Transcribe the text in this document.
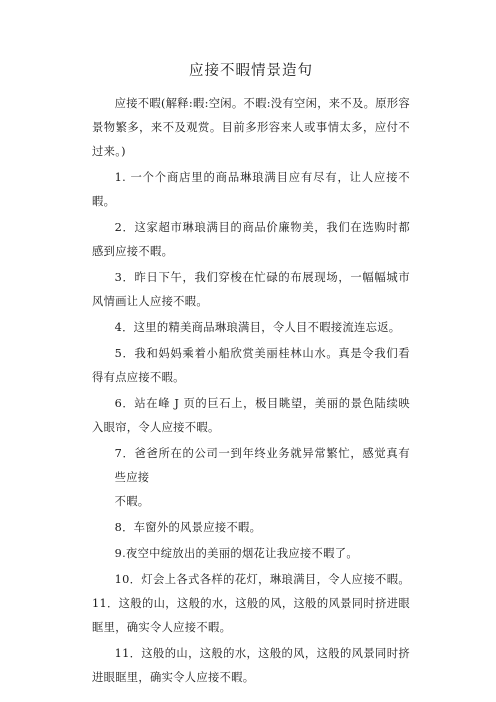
应接不暇情景造句

应接不暇(解释:暇:空闲。不暇:没有空闲，来不及。原形容景物繁多，来不及观赏。目前多形容来人或事情太多，应付不过来。)

1. 一个个商店里的商品琳琅满目应有尽有，让人应接不暇。

2．这家超市琳琅满目的商品价廉物美，我们在选购时都感到应接不暇。

3．昨日下午，我们穿梭在忙碌的布展现场，一幅幅城市风情画让人应接不暇。

4．这里的精美商品琳琅满目，令人目不暇接流连忘返。

5．我和妈妈乘着小船欣赏美丽桂林山水。真是令我们看得有点应接不暇。

6．站在峰 J 页的巨石上，极目眺望，美丽的景色陆续映入眼帘，令人应接不暇。

7．爸爸所在的公司一到年终业务就异常繁忙，感觉真有些应接
不暇。

8．车窗外的风景应接不暇。

9.夜空中绽放出的美丽的烟花让我应接不暇了。

10．灯会上各式各样的花灯，琳琅满目，令人应接不暇。11．这般的山，这般的水，这般的风，这般的风景同时挤进眼眶里，确实令人应接不暇。

11．这般的山，这般的水，这般的风，这般的风景同时挤进眼眶里，确实令人应接不暇。
